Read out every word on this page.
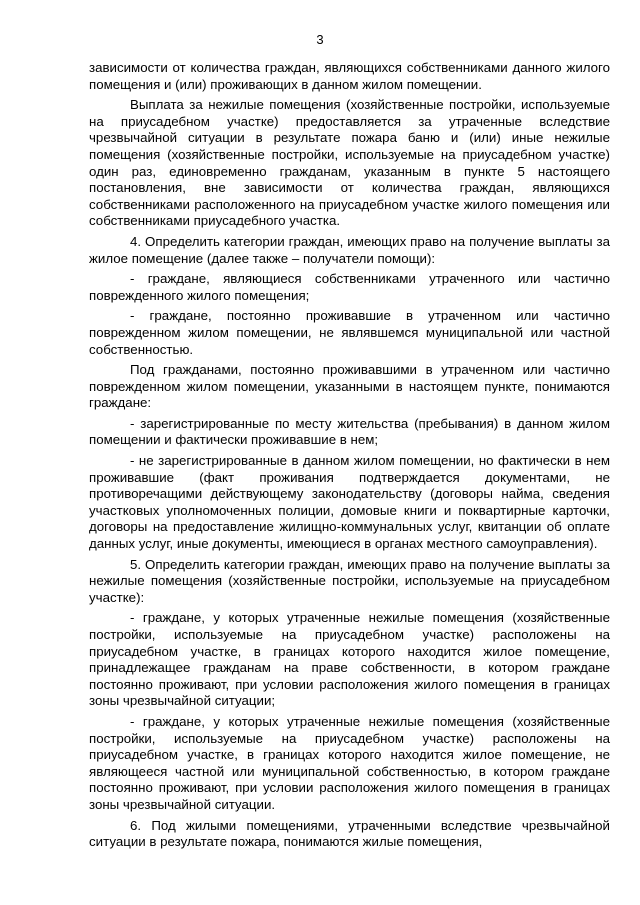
3

зависимости от количества граждан, являющихся собственниками данного жилого помещения и (или) проживающих в данном жилом помещении.

Выплата за нежилые помещения (хозяйственные постройки, используемые на приусадебном участке) предоставляется за утраченные вследствие чрезвычайной ситуации в результате пожара баню и (или) иные нежилые помещения (хозяйственные постройки, используемые на приусадебном участке) один раз, единовременно гражданам, указанным в пункте 5 настоящего постановления, вне зависимости от количества граждан, являющихся собственниками расположенного на приусадебном участке жилого помещения или собственниками приусадебного участка.

4. Определить категории граждан, имеющих право на получение выплаты за жилое помещение (далее также – получатели помощи):

- граждане, являющиеся собственниками утраченного или частично поврежденного жилого помещения;

- граждане, постоянно проживавшие в утраченном или частично поврежденном жилом помещении, не являвшемся муниципальной или частной собственностью.

Под гражданами, постоянно проживавшими в утраченном или частично поврежденном жилом помещении, указанными в настоящем пункте, понимаются граждане:

- зарегистрированные по месту жительства (пребывания) в данном жилом помещении и фактически проживавшие в нем;

- не зарегистрированные в данном жилом помещении, но фактически в нем проживавшие (факт проживания подтверждается документами, не противоречащими действующему законодательству (договоры найма, сведения участковых уполномоченных полиции, домовые книги и поквартирные карточки, договоры на предоставление жилищно-коммунальных услуг, квитанции об оплате данных услуг, иные документы, имеющиеся в органах местного самоуправления).

5. Определить категории граждан, имеющих право на получение выплаты за нежилые помещения (хозяйственные постройки, используемые на приусадебном участке):

- граждане, у которых утраченные нежилые помещения (хозяйственные постройки, используемые на приусадебном участке) расположены на приусадебном участке, в границах которого находится жилое помещение, принадлежащее гражданам на праве собственности, в котором граждане постоянно проживают, при условии расположения жилого помещения в границах зоны чрезвычайной ситуации;

- граждане, у которых утраченные нежилые помещения (хозяйственные постройки, используемые на приусадебном участке) расположены на приусадебном участке, в границах которого находится жилое помещение, не являющееся частной или муниципальной собственностью, в котором граждане постоянно проживают, при условии расположения жилого помещения в границах зоны чрезвычайной ситуации.

6. Под жилыми помещениями, утраченными вследствие чрезвычайной ситуации в результате пожара, понимаются жилые помещения,
